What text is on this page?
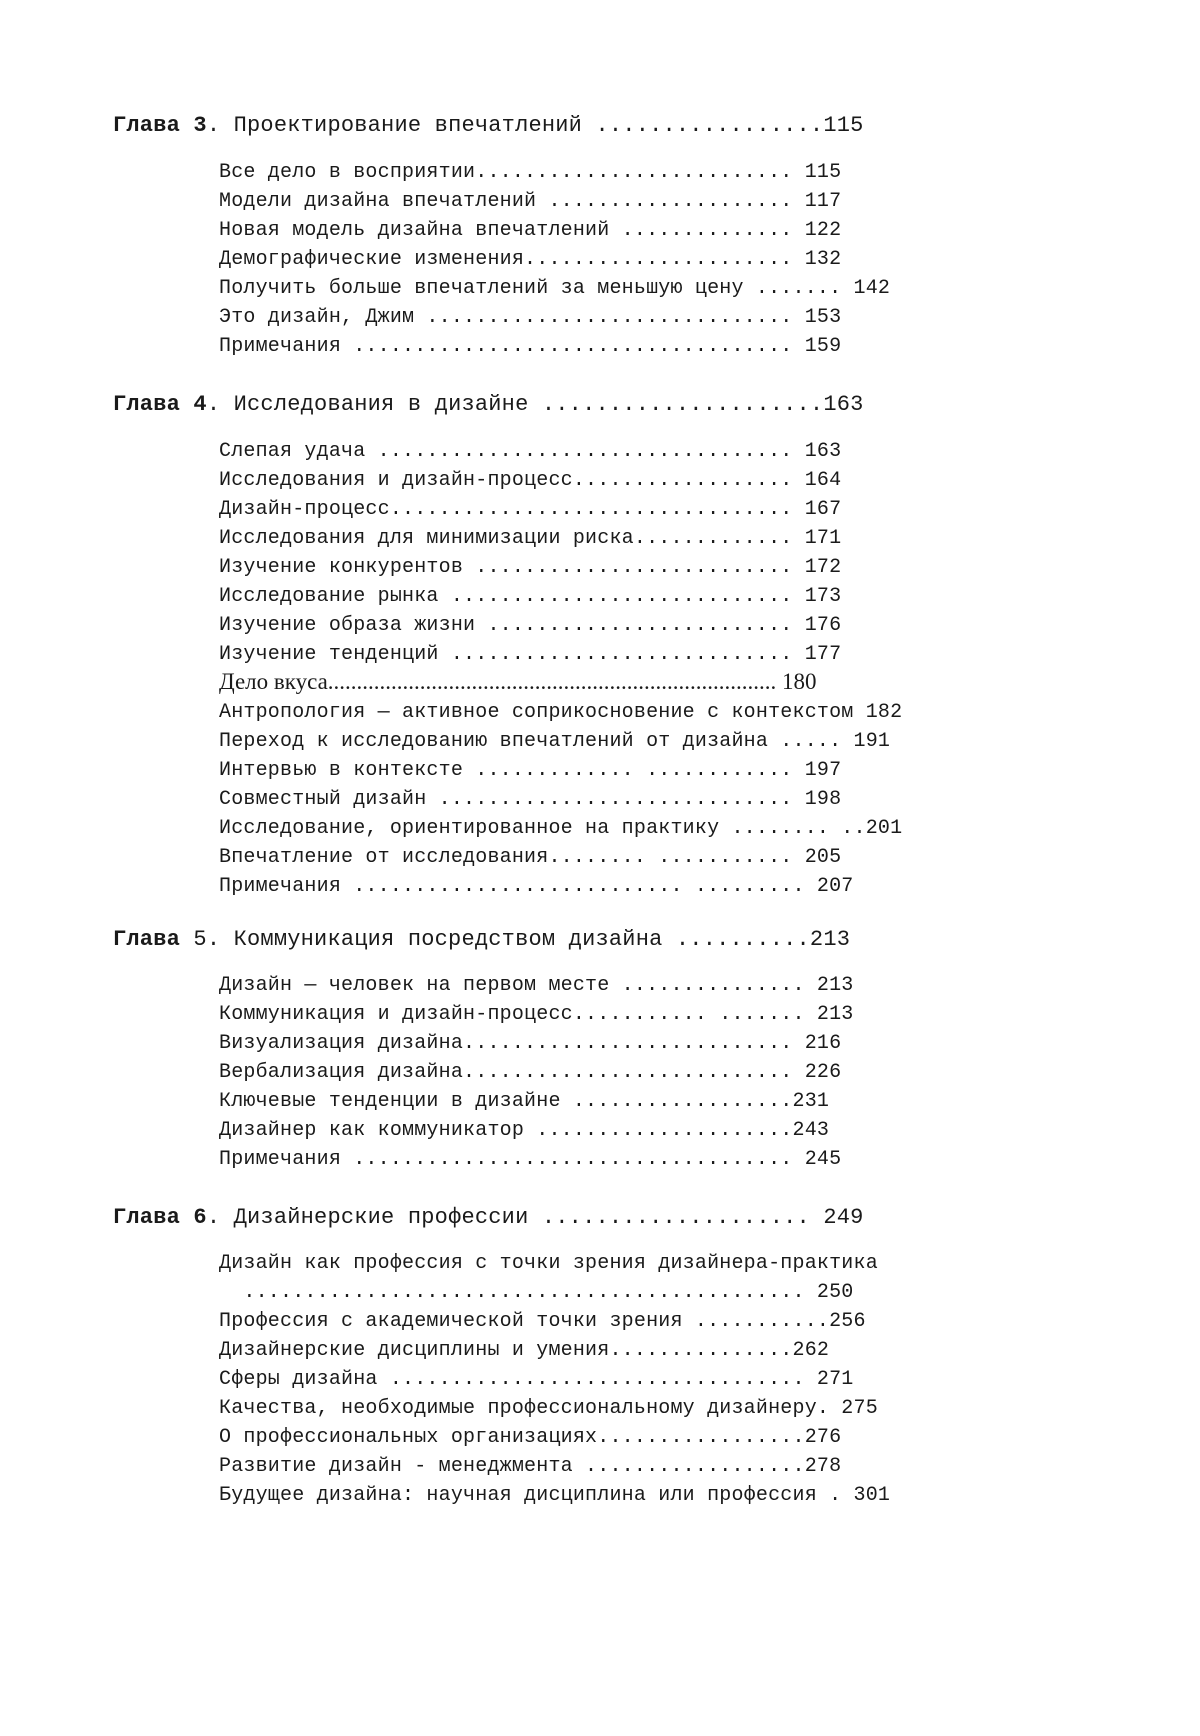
Глава 3. Проектирование впечатлений .................115
Все дело в восприятии.......................... 115
Модели дизайна впечатлений .................... 117
Новая модель дизайна впечатлений .............. 122
Демографические изменения...................... 132
Получить больше впечатлений за меньшую цену ....... 142
Это дизайн, Джим .............................. 153
Примечания .................................... 159
Глава 4. Исследования в дизайне .....................163
Слепая удача .................................. 163
Исследования и дизайн-процесс.................. 164
Дизайн-процесс................................. 167
Исследования для минимизации риска............. 171
Изучение конкурентов .......................... 172
Исследование рынка ............................ 173
Изучение образа жизни ......................... 176
Изучение тенденций ............................ 177
Дело вкуса.............................................................................. 180
Антропология — активное соприкосновение с контекстом 182
Переход к исследованию впечатлений от дизайна ..... 191
Интервью в контексте ............. ............ 197
Совместный дизайн ............................. 198
Исследование, ориентированное на практику ........ ..201
Впечатление от исследования........ ........... 205
Примечания ........................... ......... 207
Глава 5. Коммуникация посредством дизайна ..........213
Дизайн — человек на первом месте ............... 213
Коммуникация и дизайн-процесс........... ....... 213
Визуализация дизайна........................... 216
Вербализация дизайна........................... 226
Ключевые тенденции в дизайне ..................231
Дизайнер как коммуникатор .....................243
Примечания .................................... 245
Глава 6. Дизайнерские профессии .................... 249
Дизайн как профессия с точки зрения дизайнера-практика
.............................................. 250
Профессия с академической точки зрения ...........256
Дизайнерские дисциплины и умения...............262
Сферы дизайна .................................. 271
Качества, необходимые профессиональному дизайнеру. 275
О профессиональных организациях.................276
Развитие дизайн - менеджмента ..................278
Будущее дизайна: научная дисциплина или профессия . 301
